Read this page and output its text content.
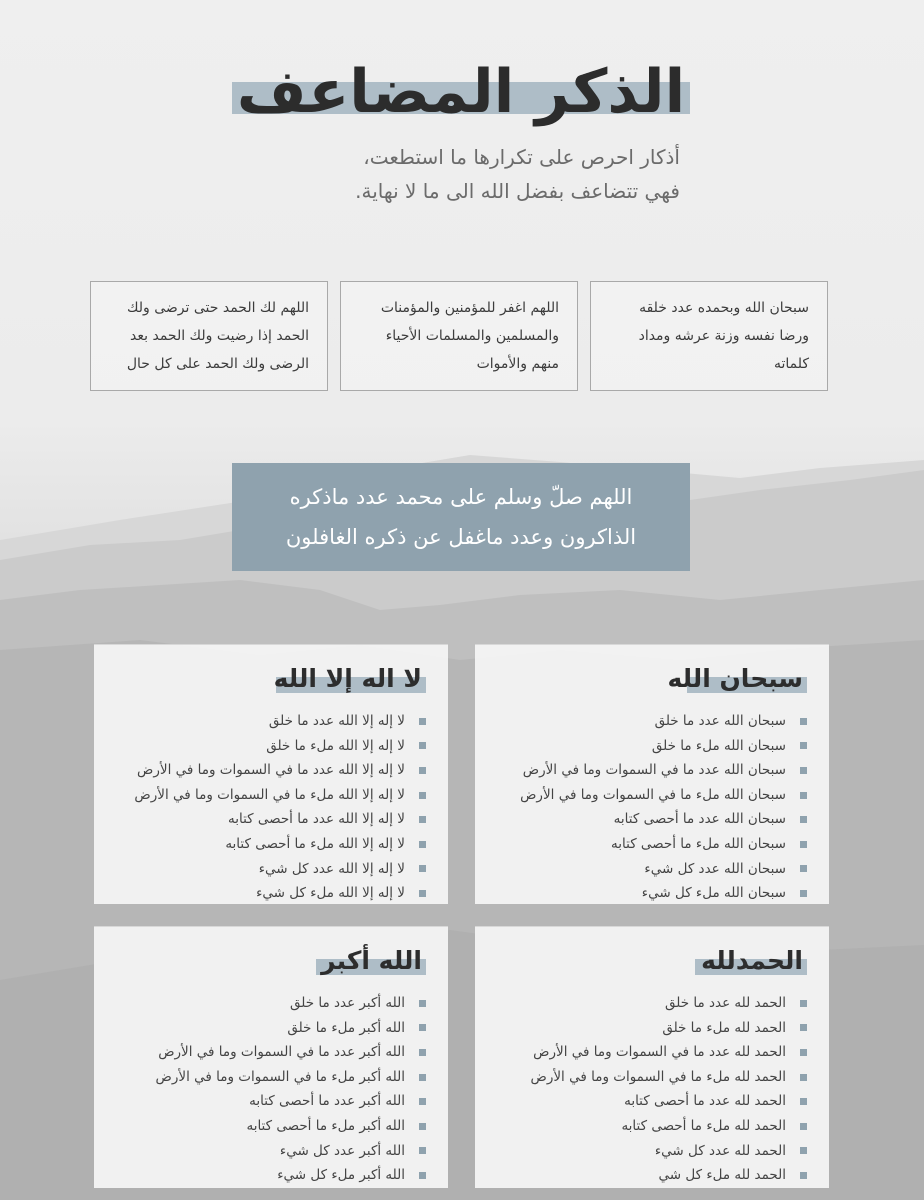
الذكر المضاعف
أذكار احرص على تكرارها ما استطعت، فهي تتضاعف بفضل الله الى ما لا نهاية.
سبحان الله وبحمده عدد خلقه ورضا نفسه وزنة عرشه ومداد كلماته
اللهم اغفر للمؤمنين والمؤمنات والمسلمين والمسلمات الأحياء منهم والأموات
اللهم لك الحمد حتى ترضى ولك الحمد إذا رضيت ولك الحمد بعد الرضى ولك الحمد على كل حال
اللهم صلّ وسلم على محمد عدد ماذكره
الذاكرون وعدد ماغفل عن ذكره الغافلون
سبحان الله
سبحان الله عدد ما خلق
سبحان الله ملء ما خلق
سبحان الله عدد ما في السموات وما في الأرض
سبحان الله ملء ما في السموات وما في الأرض
سبحان الله عدد ما أحصى كتابه
سبحان الله ملء ما أحصى كتابه
سبحان الله عدد كل شيء
سبحان الله ملء كل شيء
لا اله إلا الله
لا إله إلا الله عدد ما خلق
لا إله إلا الله ملء ما خلق
لا إله إلا الله عدد ما في السموات وما في الأرض
لا إله إلا الله ملء ما في السموات وما في الأرض
لا إله إلا الله عدد ما أحصى كتابه
لا إله إلا الله ملء ما أحصى كتابه
لا إله إلا الله عدد كل شيء
لا إله إلا الله ملء كل شيء
الحمدلله
الحمد لله عدد ما خلق
الحمد لله ملء ما خلق
الحمد لله عدد ما في السموات وما في الأرض
الحمد لله ملء ما في السموات وما في الأرض
الحمد لله عدد ما أحصى كتابه
الحمد لله ملء ما أحصى كتابه
الحمد لله عدد كل شيء
الحمد لله ملء كل شي
الله أكبر
الله أكبر عدد ما خلق
الله أكبر ملء ما خلق
الله أكبر عدد ما في السموات وما في الأرض
الله أكبر ملء ما في السموات وما في الأرض
الله أكبر عدد ما أحصى كتابه
الله أكبر ملء ما أحصى كتابه
الله أكبر عدد كل شيء
الله أكبر ملء كل شيء
